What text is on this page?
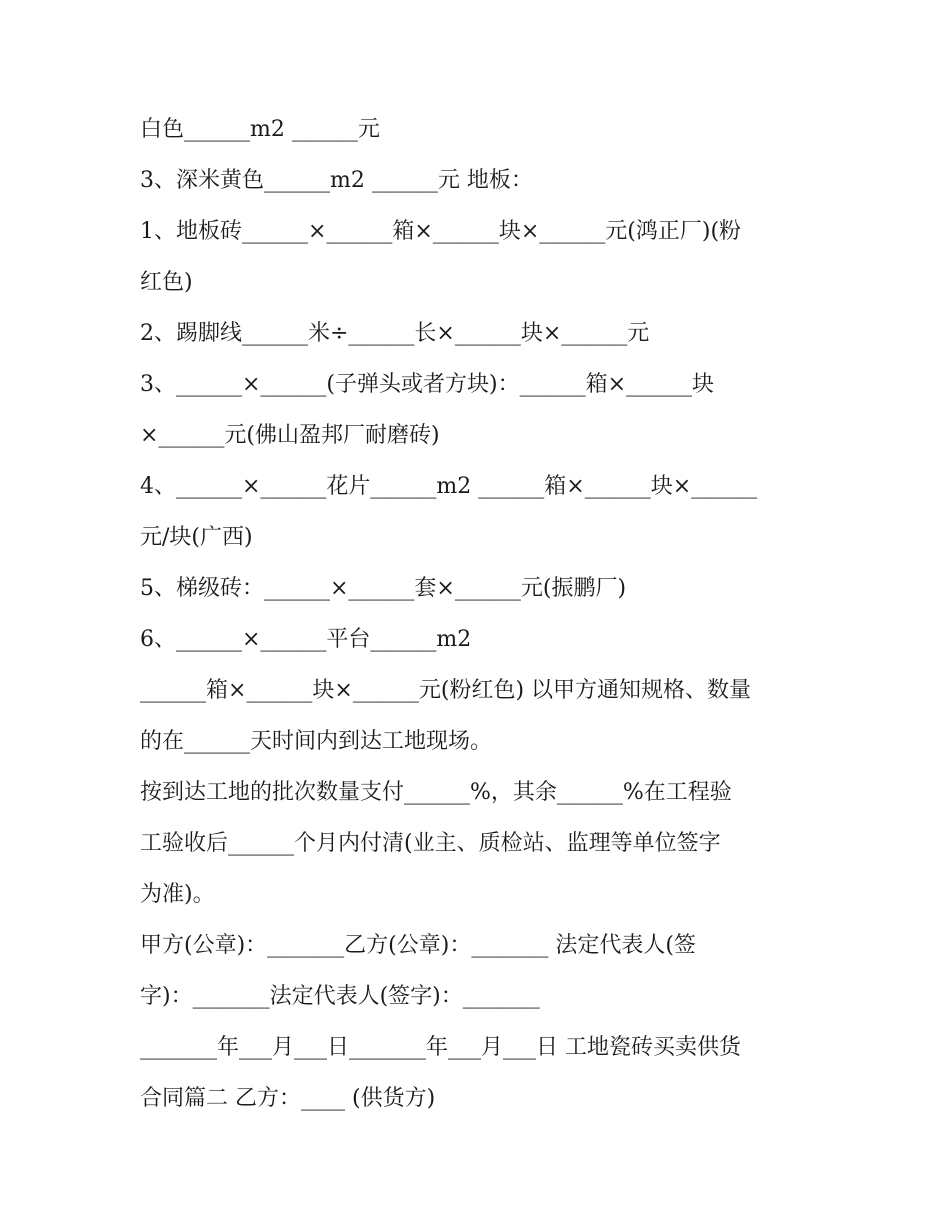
白色______m2 ______元
3、深米黄色______m2 ______元 地板：
1、地板砖______×______箱×______块×______元(鸿正厂)(粉
红色)
2、踢脚线______米÷______长×______块×______元
3、______×______(子弹头或者方块)：______箱×______块
×______元(佛山盈邦厂耐磨砖)
4、______×______花片______m2 ______箱×______块×______
元/块(广西)
5、梯级砖：______×______套×______元(振鹏厂)
6、______×______平台______m2
______箱×______块×______元(粉红色) 以甲方通知规格、数量
的在______天时间内到达工地现场。
按到达工地的批次数量支付______%，其余______%在工程验
工验收后______个月内付清(业主、质检站、监理等单位签字
为准)。
甲方(公章)：_______乙方(公章)：_______ 法定代表人(签
字)：_______法定代表人(签字)：_______
_______年___月___日_______年___月___日 工地瓷砖买卖供货
合同篇二 乙方：____ (供货方)
